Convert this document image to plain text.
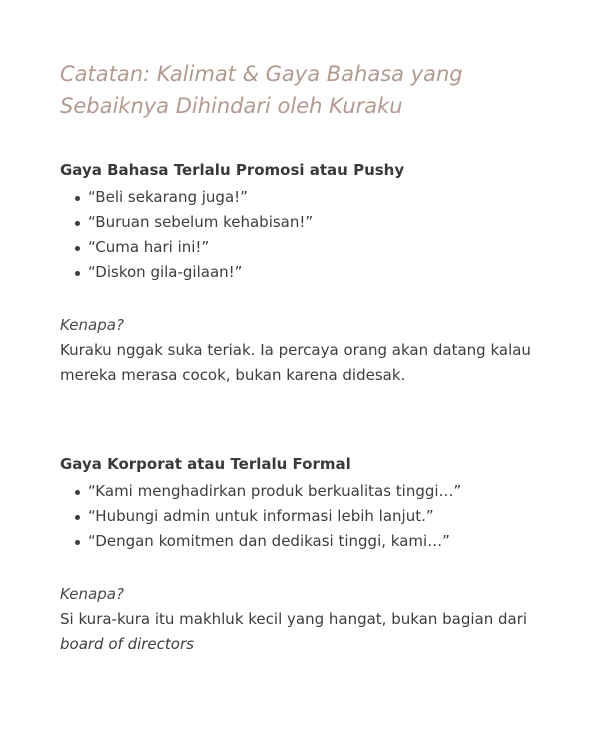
Catatan: Kalimat & Gaya Bahasa yang Sebaiknya Dihindari oleh Kuraku
Gaya Bahasa Terlalu Promosi atau Pushy
“Beli sekarang juga!”
“Buruan sebelum kehabisan!”
“Cuma hari ini!”
“Diskon gila-gilaan!”

Kenapa?

Kuraku nggak suka teriak. Ia percaya orang akan datang kalau mereka merasa cocok, bukan karena didesak.

Gaya Korporat atau Terlalu Formal
“Kami menghadirkan produk berkualitas tinggi…”
“Hubungi admin untuk informasi lebih lanjut.”
“Dengan komitmen dan dedikasi tinggi, kami…”

Kenapa?

Si kura-kura itu makhluk kecil yang hangat, bukan bagian dari board of directors
